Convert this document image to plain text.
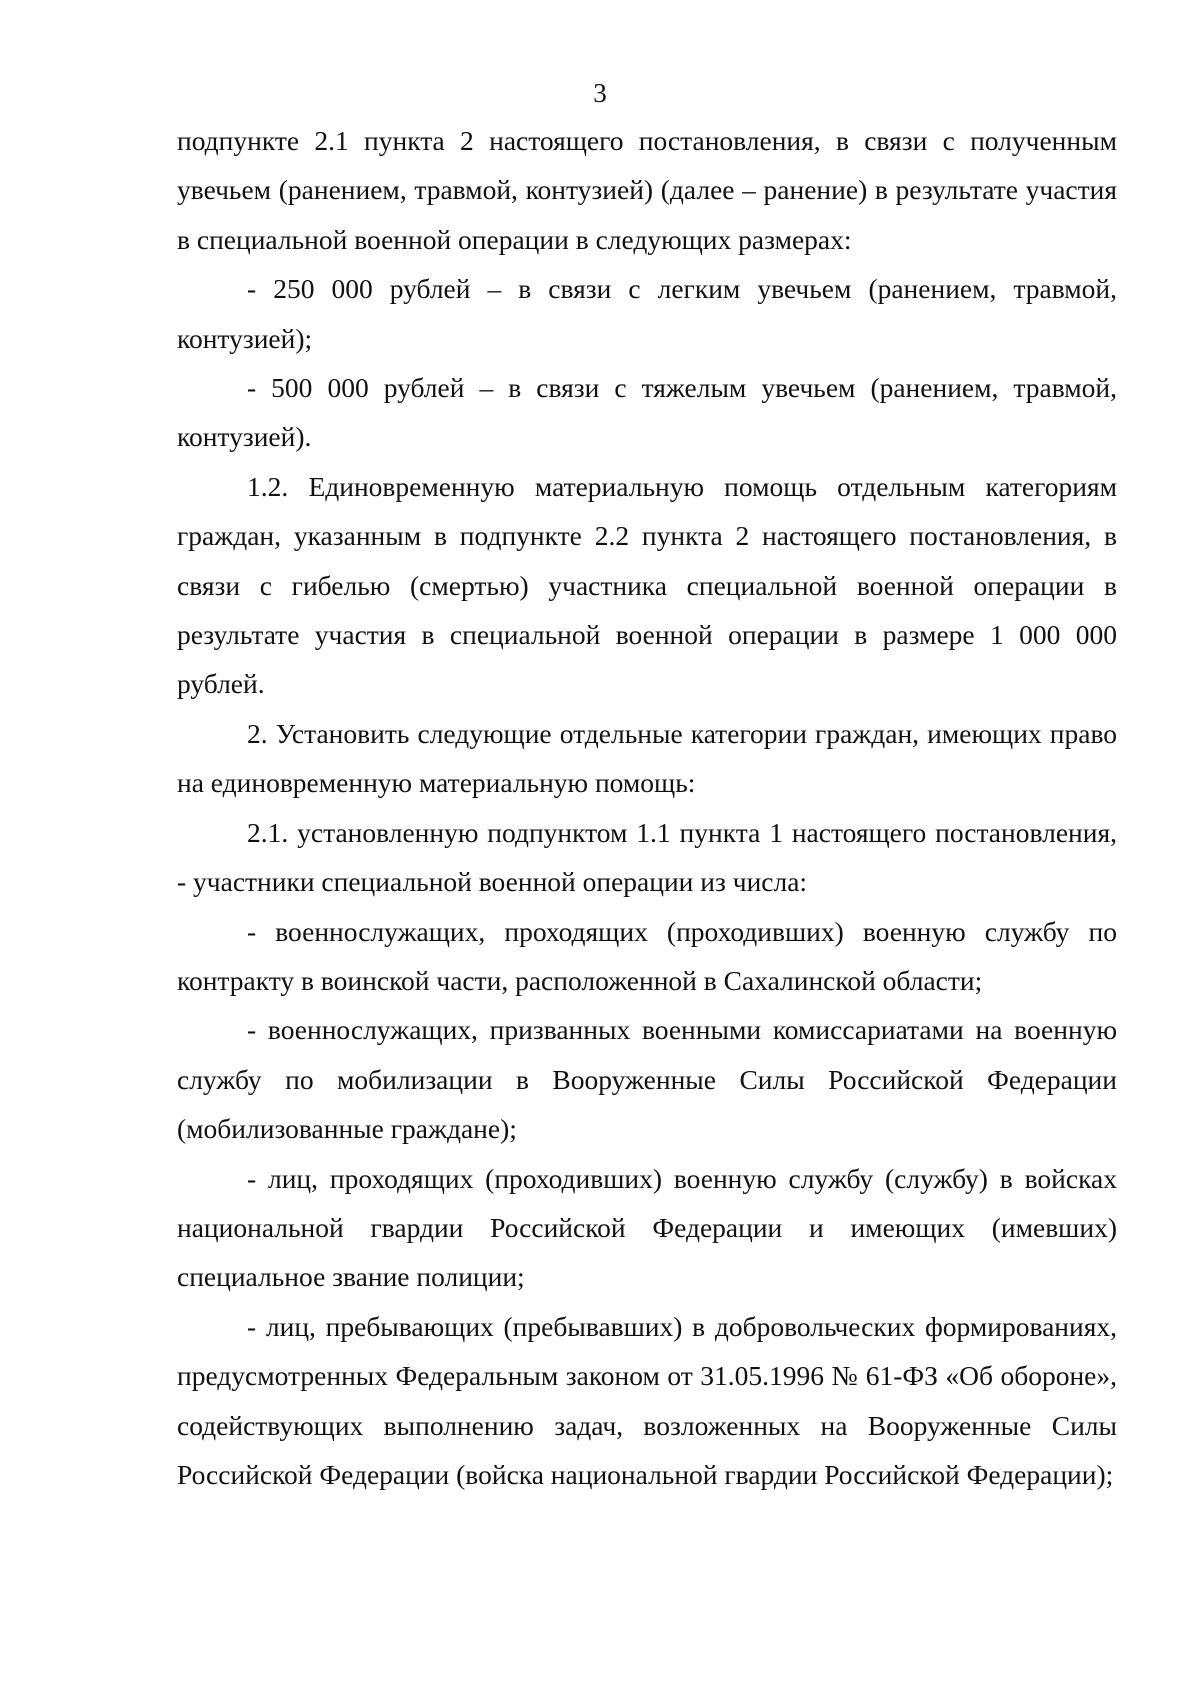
3

подпункте 2.1 пункта 2 настоящего постановления, в связи с полученным увечьем (ранением, травмой, контузией) (далее – ранение) в результате участия в специальной военной операции в следующих размерах:

- 250 000 рублей – в связи с легким увечьем (ранением, травмой, контузией);

- 500 000 рублей – в связи с тяжелым увечьем (ранением, травмой, контузией).

1.2. Единовременную материальную помощь отдельным категориям граждан, указанным в подпункте 2.2 пункта 2 настоящего постановления, в связи с гибелью (смертью) участника специальной военной операции в результате участия в специальной военной операции в размере 1 000 000 рублей.

2. Установить следующие отдельные категории граждан, имеющих право на единовременную материальную помощь:

2.1. установленную подпунктом 1.1 пункта 1 настоящего постановления, - участники специальной военной операции из числа:

- военнослужащих, проходящих (проходивших) военную службу по контракту в воинской части, расположенной в Сахалинской области;

- военнослужащих, призванных военными комиссариатами на военную службу по мобилизации в Вооруженные Силы Российской Федерации (мобилизованные граждане);

- лиц, проходящих (проходивших) военную службу (службу) в войсках национальной гвардии Российской Федерации и имеющих (имевших) специальное звание полиции;

- лиц, пребывающих (пребывавших) в добровольческих формированиях, предусмотренных Федеральным законом от 31.05.1996 № 61-ФЗ «Об обороне», содействующих выполнению задач, возложенных на Вооруженные Силы Российской Федерации (войска национальной гвардии Российской Федерации);
